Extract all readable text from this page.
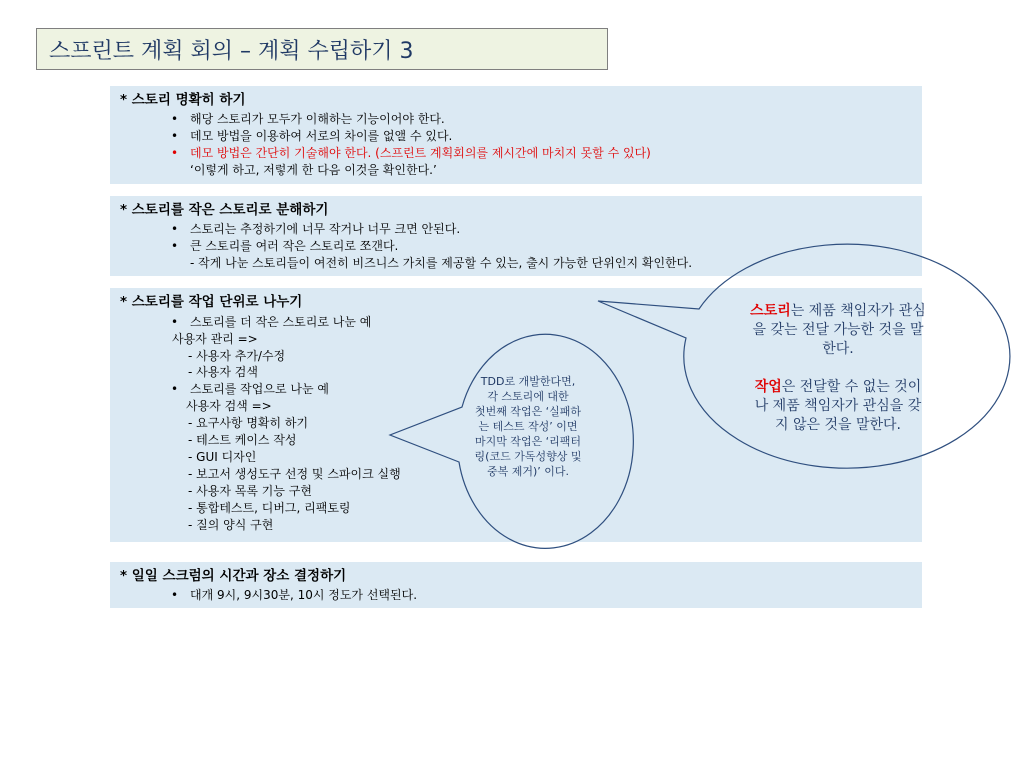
스프린트 계획 회의 – 계획 수립하기 3
* 스토리 명확히 하기
• 해당 스토리가 모두가 이해하는 기능이어야 한다.
• 데모 방법을 이용하여 서로의 차이를 없앨 수 있다.
• 데모 방법은 간단히 기술해야 한다. (스프린트 계획회의를 제시간에 마치지 못할 수 있다)
‘이렇게 하고, 저렇게 한 다음 이것을 확인한다.’
* 스토리를 작은 스토리로 분해하기
• 스토리는 추정하기에 너무 작거나 너무 크면 안된다.
• 큰 스토리를 여러 작은 스토리로 쪼갠다.
- 작게 나눈 스토리들이 여전히 비즈니스 가치를 제공할 수 있는, 출시 가능한 단위인지 확인한다.
* 스토리를 작업 단위로 나누기
• 스토리를 더 작은 스토리로 나눈 예
사용자 관리 =>
- 사용자 추가/수정
- 사용자 검색
• 스토리를 작업으로 나눈 예
사용자 검색 =>
- 요구사항 명확히 하기
- 테스트 케이스 작성
- GUI 디자인
- 보고서 생성도구 선정 및 스파이크 실행
- 사용자 목록 기능 구현
- 통합테스트, 디버그, 리팩토링
- 질의 양식 구현
* 일일 스크럼의 시간과 장소 결정하기
• 대개 9시, 9시30분, 10시 정도가 선택된다.
TDD로 개발한다면,
각 스토리에 대한
첫번째 작업은 ‘실패하
는 테스트 작성’ 이면
마지막 작업은 ‘리팩터
링(코드 가독성향상 및
중복 제거)’ 이다.
스토리는 제품 책임자가 관심
을 갖는 전달 가능한 것을 말
한다.
작업은 전달할 수 없는 것이
나 제품 책임자가 관심을 갖
지 않은 것을 말한다.
